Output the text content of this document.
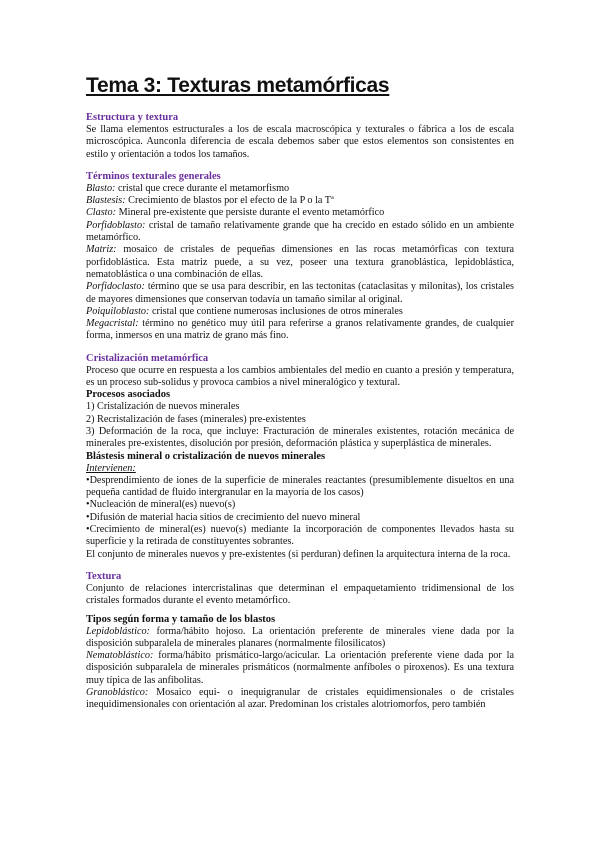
Tema 3: Texturas metamórficas
Estructura y textura

Se llama elementos estructurales a los de escala macroscópica y texturales o fábrica a los de escala microscópica. Aunconla diferencia de escala debemos saber que estos elementos son consistentes en estilo y orientación a todos los tamaños.

Términos texturales generales

Blasto: cristal que crece durante el metamorfismo

Blastesis: Crecimiento de blastos por el efecto de la P o la Tª

Clasto: Mineral pre-existente que persiste durante el evento metamórfico

Porfidoblasto: cristal de tamaño relativamente grande que ha crecido en estado sólido en un ambiente metamórfico.

Matriz: mosaico de cristales de pequeñas dimensiones en las rocas metamórficas con textura porfidoblástica. Esta matriz puede, a su vez, poseer una textura granoblástica, lepidoblástica, nematoblástica o una combinación de ellas.

Porfidoclasto: término que se usa para describir, en las tectonitas (cataclasitas y milonitas), los cristales de mayores dimensiones que conservan todavía un tamaño similar al original.

Poiquiloblasto: cristal que contiene numerosas inclusiones de otros minerales

Megacristal: término no genético muy útil para referirse a granos relativamente grandes, de cualquier forma, inmersos en una matriz de grano más fino.

Cristalización metamórfica

Proceso que ocurre en respuesta a los cambios ambientales del medio en cuanto a presión y temperatura, es un proceso sub-solidus y provoca cambios a nivel mineralógico y textural.

Procesos asociados
1) Cristalización de nuevos minerales
2) Recristalización de fases (minerales) pre-existentes
3) Deformación de la roca, que incluye: Fracturación de minerales existentes, rotación mecánica de minerales pre-existentes, disolución por presión, deformación plástica y superplástica de minerales.
Blástesis mineral o cristalización de nuevos minerales

Intervienen:

• Desprendimiento de iones de la superficie de minerales reactantes (presumiblemente disueltos en una pequeña cantidad de fluido intergranular en la mayoría de los casos)
• Nucleación de mineral(es) nuevo(s)
• Difusión de material hacia sitios de crecimiento del nuevo mineral
• Crecimiento de mineral(es) nuevo(s) mediante la incorporación de componentes llevados hasta su superficie y la retirada de constituyentes sobrantes.

El conjunto de minerales nuevos y pre-existentes (si perduran) definen la arquitectura interna de la roca.

Textura

Conjunto de relaciones intercristalinas que determinan el empaquetamiento tridimensional de los cristales formados durante el evento metamórfico.

Tipos según forma y tamaño de los blastos

Lepidoblástico: forma/hábito hojoso. La orientación preferente de minerales viene dada por la disposición subparalela de minerales planares (normalmente filosilicatos)

Nematoblástico: forma/hábito prismático-largo/acicular. La orientación preferente viene dada por la disposición subparalela de minerales prismáticos (normalmente anfíboles o piroxenos). Es una textura muy típica de las anfibolitas.

Granoblástico: Mosaico equi- o inequigranular de cristales equidimensionales o de cristales inequidimensionales con orientación al azar. Predominan los cristales alotriomorfos, pero también
